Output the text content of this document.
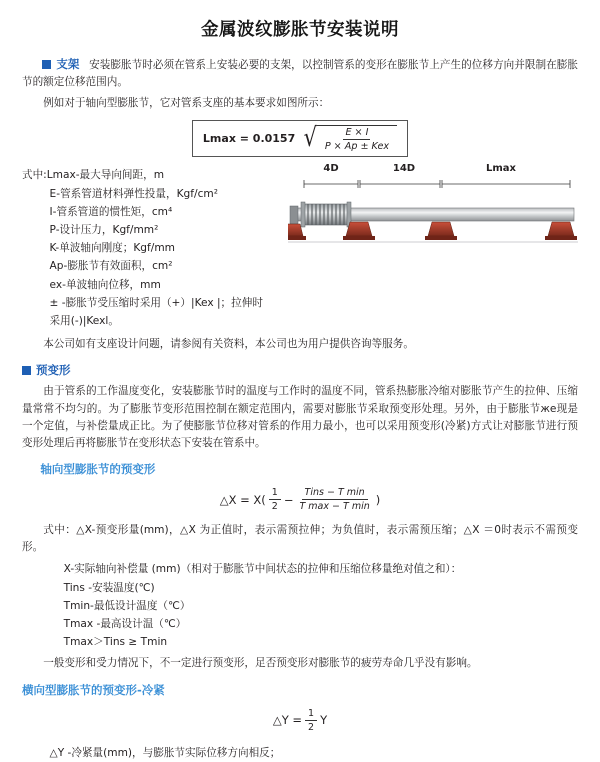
金属波纹膨胀节安装说明

支架 安装膨胀节时必须在管系上安装必要的支架，以控制管系的变形在膨胀节上产生的位移方向并限制在膨胀节的额定位移范围内。

例如对于轴向型膨胀节，它对管系支座的基本要求如图所示：

Lmax = 0.0157 √ $\frac{E \times I}{\text{P × Ap ± Kex}}$
式中:Lmax-最大导向间距，m
E-管系管道材料弹性投量，Kgf/cm²
I-管系管道的惯性矩，cm⁴
P-设计压力，Kgf/mm²
K-单波轴向刚度；Kgf/mm
Ap-膨胀节有效面积，cm²
ex-单波轴向位移，mm
± -膨胀节受压缩时采用（+）|Kex |；拉伸时采用(-)|Kexl。
4D	14D	Lmax

本公司如有支座设计问题，请参阅有关资料，本公司也为用户提供咨询等服务。

预变形

由于管系的工作温度变化，安装膨胀节时的温度与工作时的温度不同，管系热膨胀冷缩对膨胀节产生的拉伸、压缩量常常不均匀的。为了膨胀节变形范围控制在额定范围内，需要对膨胀节采取预变形处理。另外，由于膨胀节же现是一个定值，与补偿量成正比。为了使膨胀节位移对管系的作用力最小，也可以采用预变形(冷紧)方式让对膨胀节进行预变形处理后再将膨胀节在变形状态下安装在管系中。

轴向型膨胀节的预变形
△X = $X( \frac{1}{2} - \frac{\text{Tins − T min}}{\text{T max − T min}}$ )

式中：△X-预变形量(mm)，△X 为正值时，表示需预拉伸；为负值时，表示需预压缩；△X ＝0时表示不需预变形。

X-实际轴向补偿量 (mm)（相对于膨胀节中间状态的拉伸和压缩位移量绝对值之和）：
Tins -安装温度(℃)
Tmin-最低设计温度（℃）
Tmax -最高设计温（℃）
Tmax＞Tins ≥ Tmin

一般变形和受力情况下，不一定进行预变形，足否预变形对膨胀节的疲劳寿命几乎没有影响。

横向型膨胀节的预变形-冷紧
△Y = $\frac{1}{2}$ Y

△Y -冷紧量(mm)，与膨胀节实际位移方向相反；
